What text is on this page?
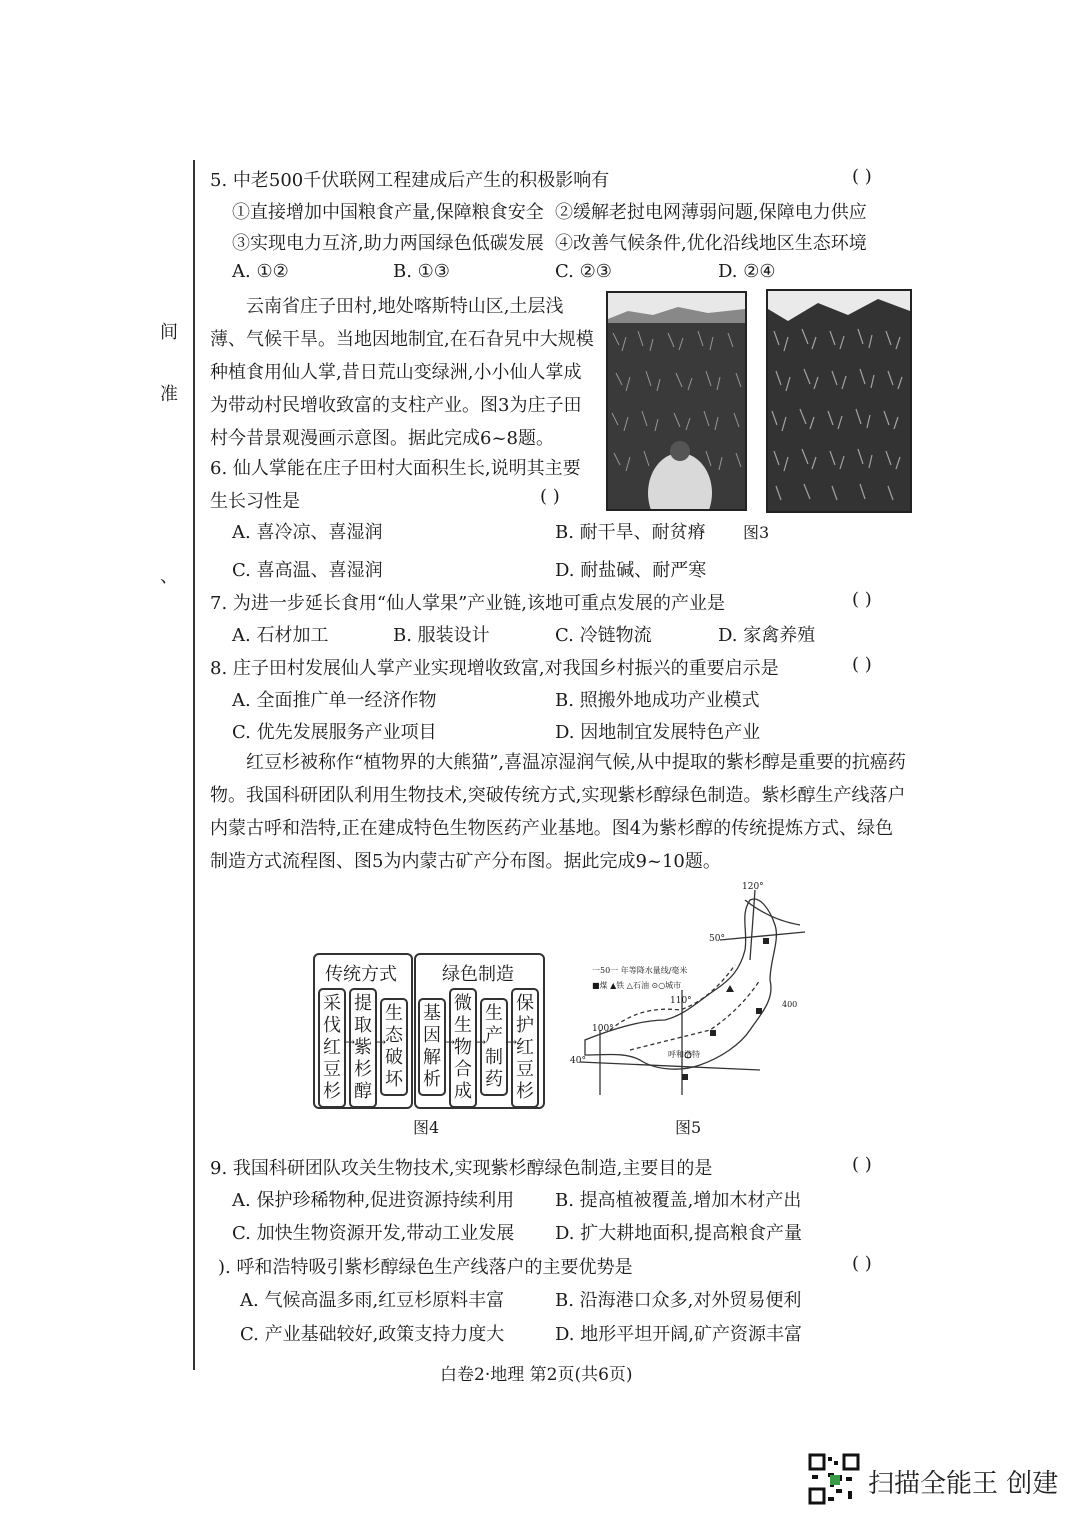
间
准
、
5. 中老500千伏联网工程建成后产生的积极影响有	( )
①直接增加中国粮食产量,保障粮食安全 ②缓解老挝电网薄弱问题,保障电力供应
③实现电力互济,助力两国绿色低碳发展 ④改善气候条件,优化沿线地区生态环境
A. ①②	B. ①③	C. ②③	D. ②④
云南省庄子田村,地处喀斯特山区,土层浅薄、气候干旱。当地因地制宜,在石旮旯中大规模种植食用仙人掌,昔日荒山变绿洲,小小仙人掌成为带动村民增收致富的支柱产业。图3为庄子田村今昔景观漫画示意图。据此完成6~8题。
图3
6. 仙人掌能在庄子田村大面积生长,说明其主要生长习性是	( )
A. 喜冷凉、喜湿润	B. 耐干旱、耐贫瘠
C. 喜高温、喜湿润	D. 耐盐碱、耐严寒
7. 为进一步延长食用“仙人掌果”产业链,该地可重点发展的产业是	( )
A. 石材加工	B. 服装设计	C. 冷链物流	D. 家禽养殖
8. 庄子田村发展仙人掌产业实现增收致富,对我国乡村振兴的重要启示是	( )
A. 全面推广单一经济作物	B. 照搬外地成功产业模式
C. 优先发展服务产业项目	D. 因地制宜发展特色产业
红豆杉被称作“植物界的大熊猫”,喜温凉湿润气候,从中提取的紫杉醇是重要的抗癌药物。我国科研团队利用生物技术,突破传统方式,实现紫杉醇绿色制造。紫杉醇生产线落户内蒙古呼和浩特,正在建成特色生物医药产业基地。图4为紫杉醇的传统提炼方式、绿色制造方式流程图、图5为内蒙古矿产分布图。据此完成9~10题。
传统方式	绿色制造
采伐红豆杉
→
提取紫杉醇
→
生态破坏
基因解析
→
微生物合成
→
生产制药
→
保护红豆杉
图4
一50一 年等降水量线/毫米
■煤 ▲铁 △石油 ⊙○城市
100°
110°
120°
40°
50°
400
呼和浩特
图5
9. 我国科研团队攻关生物技术,实现紫杉醇绿色制造,主要目的是	( )
A. 保护珍稀物种,促进资源持续利用 B. 提高植被覆盖,增加木材产出
C. 加快生物资源开发,带动工业发展 D. 扩大耕地面积,提高粮食产量
). 呼和浩特吸引紫杉醇绿色生产线落户的主要优势是	( )
A. 气候高温多雨,红豆杉原料丰富	B. 沿海港口众多,对外贸易便利
C. 产业基础较好,政策支持力度大	D. 地形平坦开阔,矿产资源丰富
白卷2·地理 第2页(共6页)
扫描全能王 创建
